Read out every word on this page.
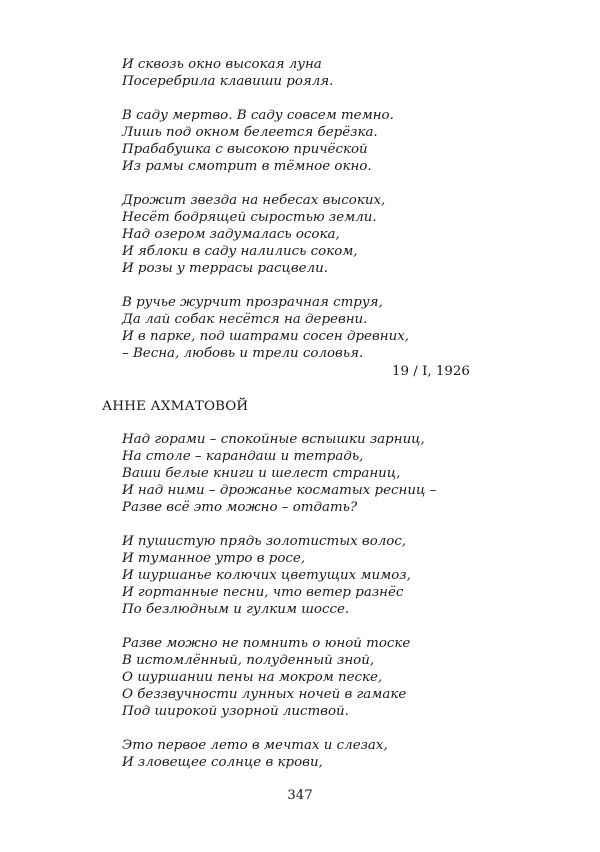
И сквозь окно высокая луна
Посеребрила клавиши рояля.
В саду мертво. В саду совсем темно.
Лишь под окном белеется берёзка.
Прабабушка с высокою причёской
Из рамы смотрит в тёмное окно.
Дрожит звезда на небесах высоких,
Несёт бодрящей сыростью земли.
Над озером задумалась осока,
И яблоки в саду налились соком,
И розы у террасы расцвели.
В ручье журчит прозрачная струя,
Да лай собак несётся на деревни.
И в парке, под шатрами сосен древних,
– Весна, любовь и трели соловья.
19 / I, 1926
АННЕ АХМАТОВОЙ
Над горами – спокойные вспышки зарниц,
На столе – карандаш и тетрадь,
Ваши белые книги и шелест страниц,
И над ними – дрожанье косматых ресниц –
Разве всё это можно – отдать?
И пушистую прядь золотистых волос,
И туманное утро в росе,
И шуршанье колючих цветущих мимоз,
И гортанные песни, что ветер разнёс
По безлюдным и гулким шоссе.
Разве можно не помнить о юной тоске
В истомлённый, полуденный зной,
О шуршании пены на мокром песке,
О беззвучности лунных ночей в гамаке
Под широкой узорной листвой.
Это первое лето в мечтах и слезах,
И зловещее солнце в крови,
347
